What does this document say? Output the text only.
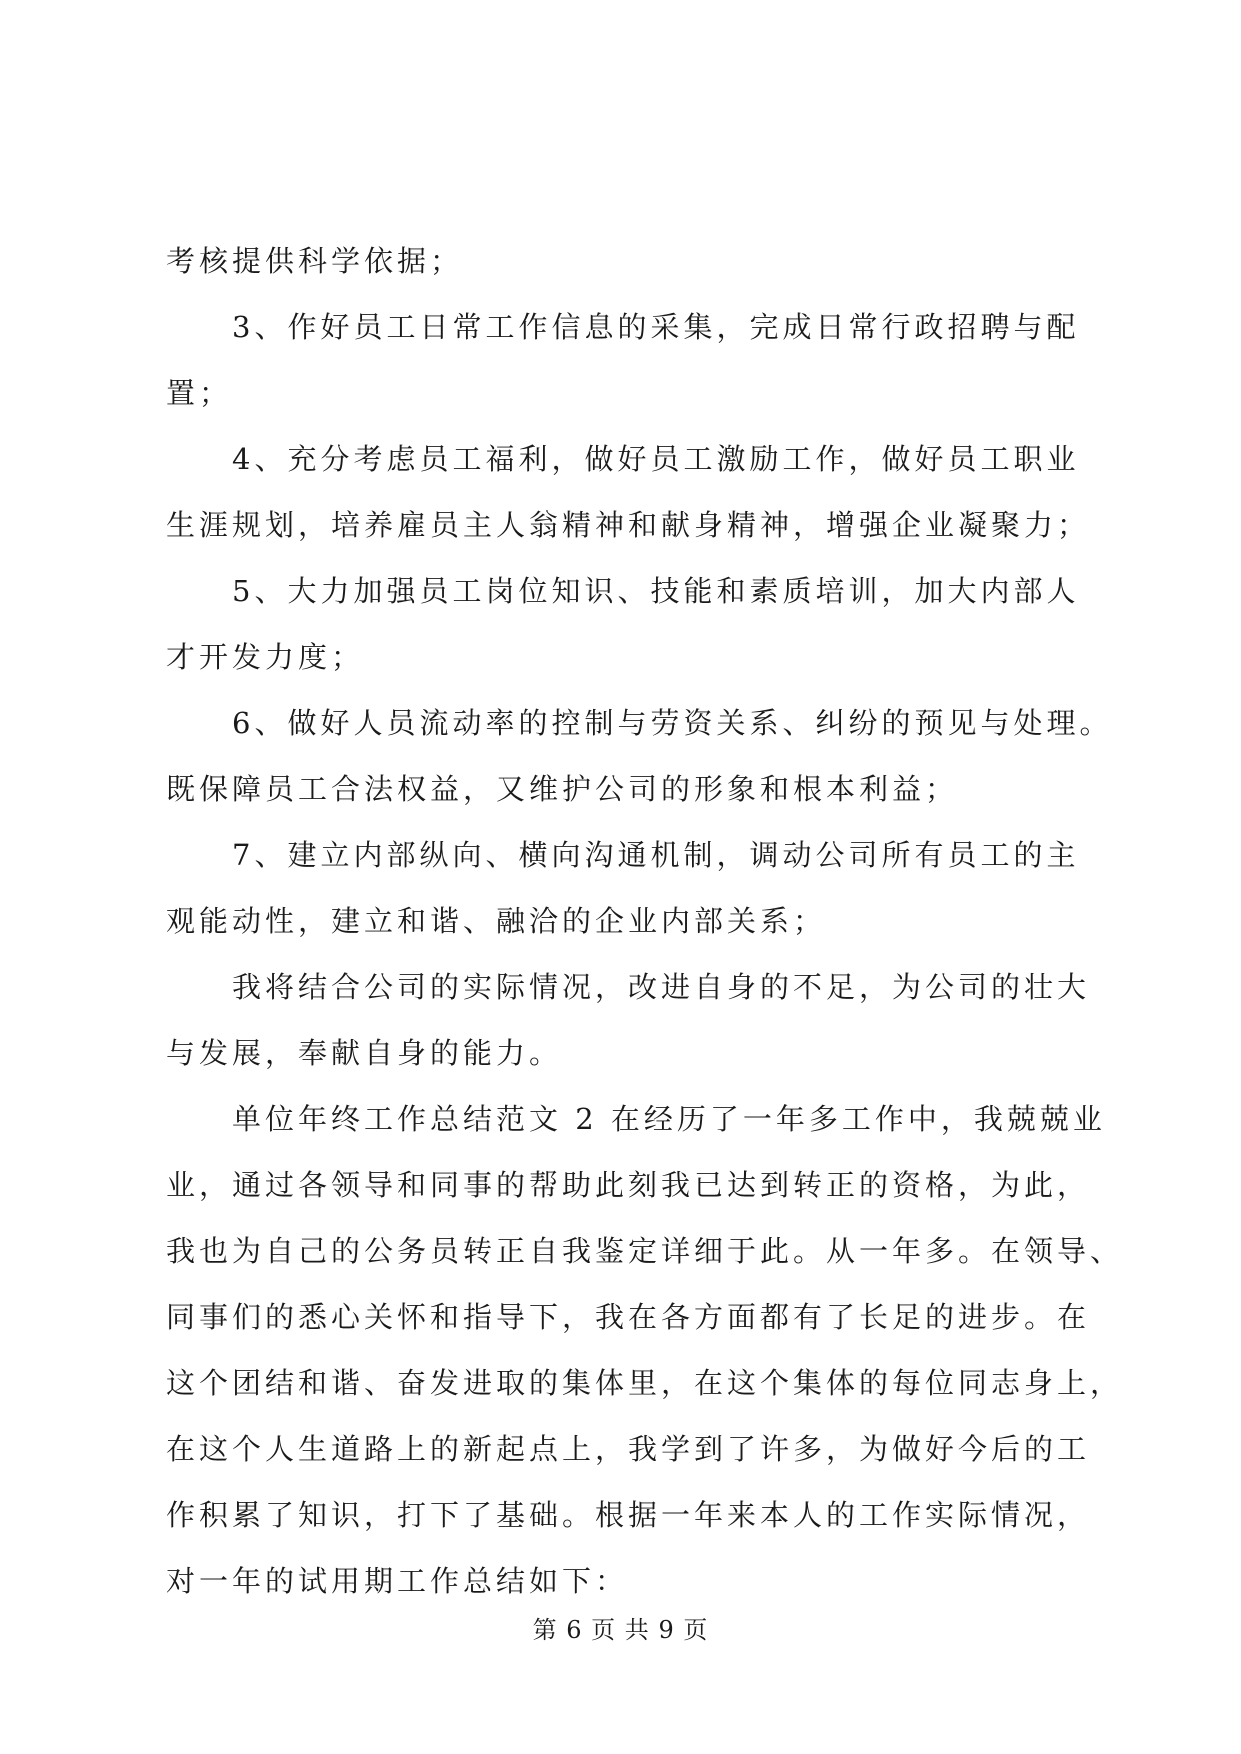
考核提供科学依据；
3、作好员工日常工作信息的采集，完成日常行政招聘与配
置；
4、充分考虑员工福利，做好员工激励工作，做好员工职业
生涯规划，培养雇员主人翁精神和献身精神，增强企业凝聚力；
5、大力加强员工岗位知识、技能和素质培训，加大内部人
才开发力度；
6、做好人员流动率的控制与劳资关系、纠纷的预见与处理。
既保障员工合法权益，又维护公司的形象和根本利益；
7、建立内部纵向、横向沟通机制，调动公司所有员工的主
观能动性，建立和谐、融洽的企业内部关系；
我将结合公司的实际情况，改进自身的不足，为公司的壮大
与发展，奉献自身的能力。
单位年终工作总结范文 2 在经历了一年多工作中，我兢兢业
业，通过各领导和同事的帮助此刻我已达到转正的资格，为此，
我也为自己的公务员转正自我鉴定详细于此。从一年多。在领导、
同事们的悉心关怀和指导下，我在各方面都有了长足的进步。在
这个团结和谐、奋发进取的集体里，在这个集体的每位同志身上，
在这个人生道路上的新起点上，我学到了许多，为做好今后的工
作积累了知识，打下了基础。根据一年来本人的工作实际情况，
对一年的试用期工作总结如下：
第 6 页 共 9 页
